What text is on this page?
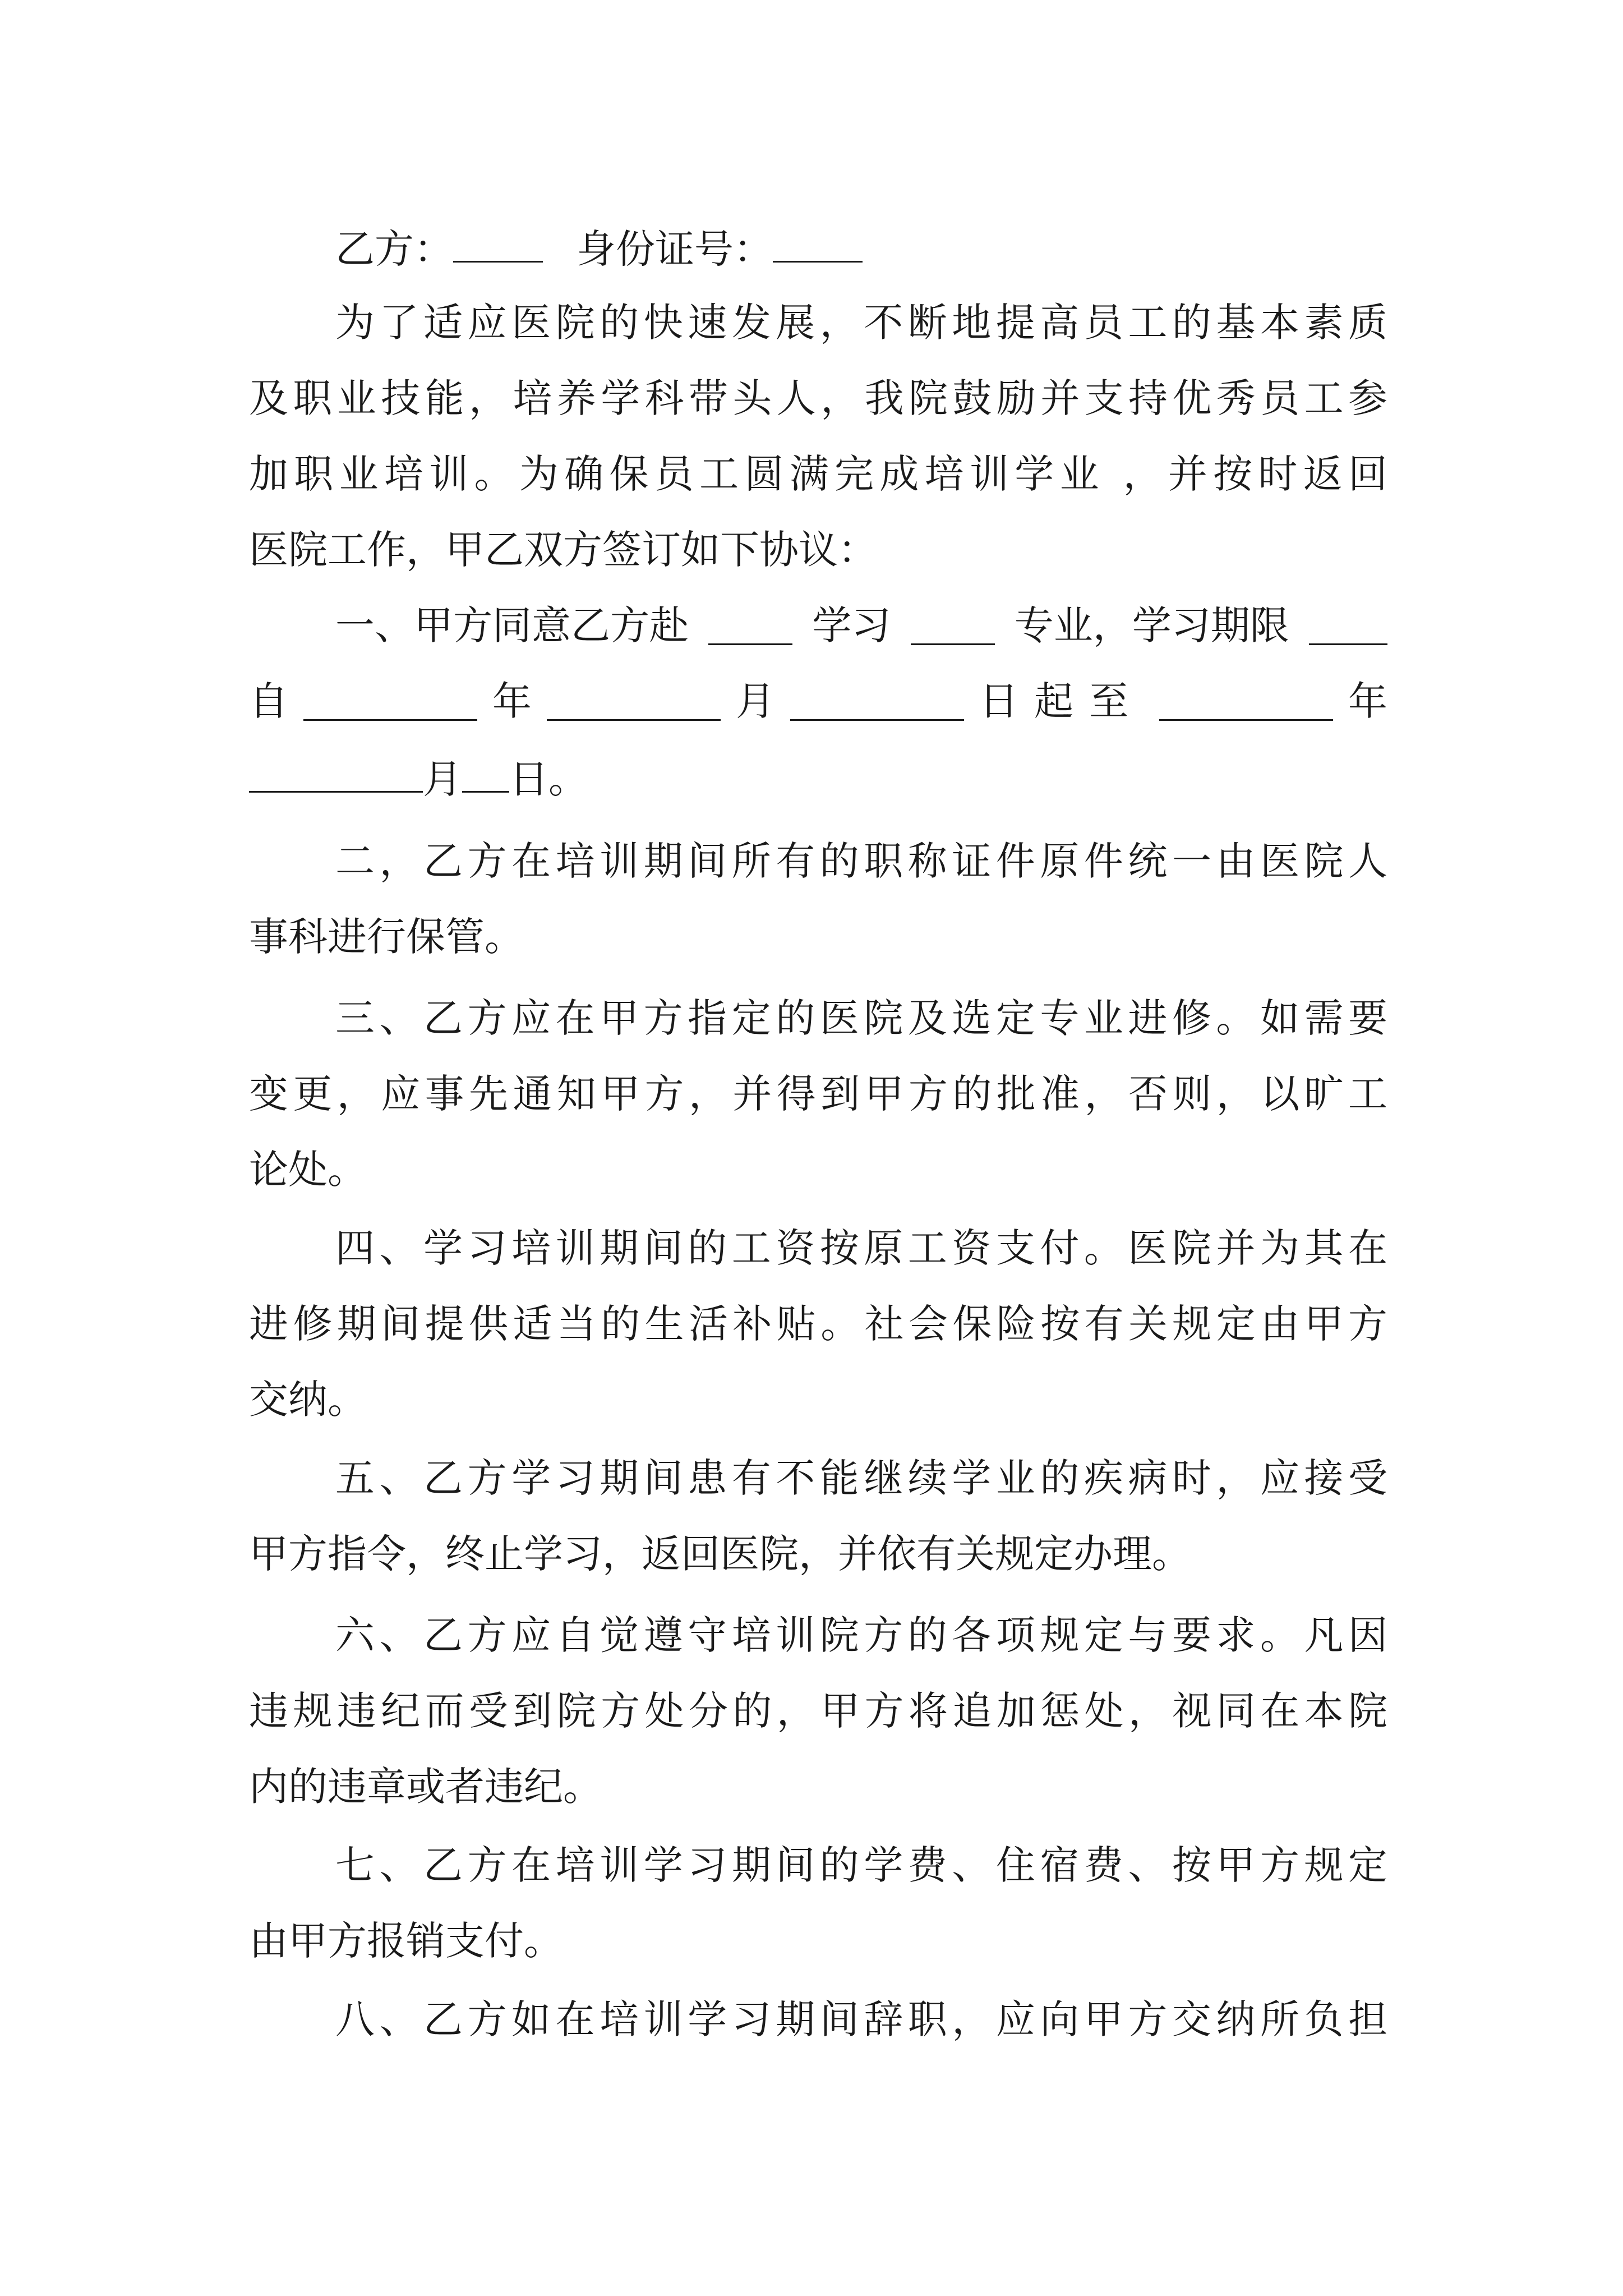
乙方：	身份证号：
为了适应医院的快速发展，不断地提高员工的基本素质
及职业技能，培养学科带头人，我院鼓励并支持优秀员工参
加职业培训。为确保员工圆满完成培训学业 ，并按时返回
医院工作，甲乙双方签订如下协议：
一、甲方同意乙方赴	学习	专业，学习期限
自	年	月	日起至	年
月 日。
二，乙方在培训期间所有的职称证件原件统一由医院人
事科进行保管。
三、乙方应在甲方指定的医院及选定专业进修。如需要
变更，应事先通知甲方，并得到甲方的批准，否则，以旷工
论处。
四、学习培训期间的工资按原工资支付。医院并为其在
进修期间提供适当的生活补贴。社会保险按有关规定由甲方
交纳。
五、乙方学习期间患有不能继续学业的疾病时，应接受
甲方指令，终止学习，返回医院，并依有关规定办理。
六、乙方应自觉遵守培训院方的各项规定与要求。凡因
违规违纪而受到院方处分的，甲方将追加惩处，视同在本院
内的违章或者违纪。
七、乙方在培训学习期间的学费、住宿费、按甲方规定
由甲方报销支付。
八、乙方如在培训学习期间辞职，应向甲方交纳所负担
